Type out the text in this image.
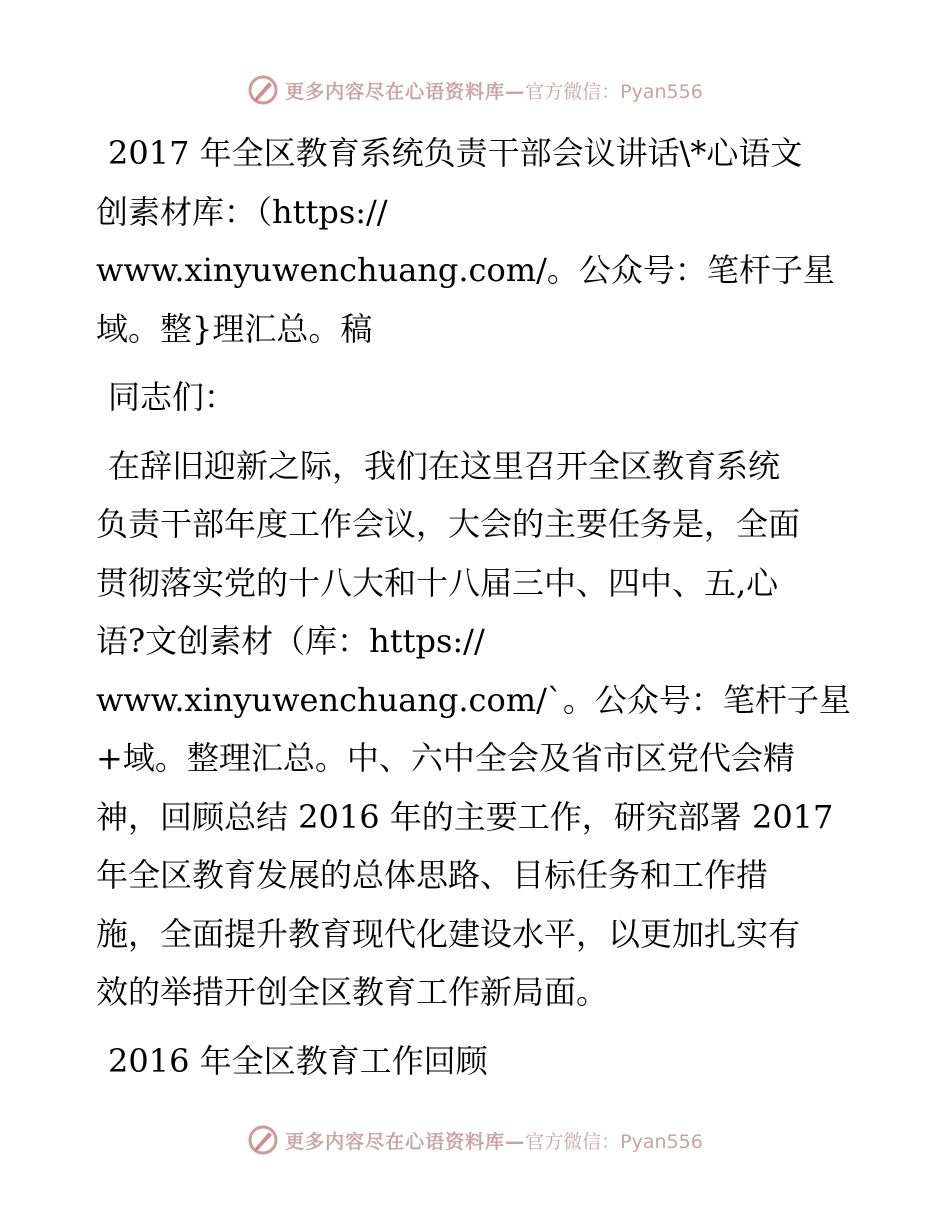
更多内容尽在心语资料库—官方微信：Pyan556

2017 年全区教育系统负责干部会议讲话\*心语文

创素材库：（https://

www.xinyuwenchuang.com/。公众号：笔杆子星

域。整}理汇总。稿

同志们：

在辞旧迎新之际，我们在这里召开全区教育系统

负责干部年度工作会议，大会的主要任务是，全面

贯彻落实党的十八大和十八届三中、四中、五,心

语?文创素材（库：https://

www.xinyuwenchuang.com/`。公众号：笔杆子星

+域。整理汇总。中、六中全会及省市区党代会精

神，回顾总结 2016 年的主要工作，研究部署 2017

年全区教育发展的总体思路、目标任务和工作措

施，全面提升教育现代化建设水平，以更加扎实有

效的举措开创全区教育工作新局面。

2016 年全区教育工作回顾

更多内容尽在心语资料库—官方微信：Pyan556
